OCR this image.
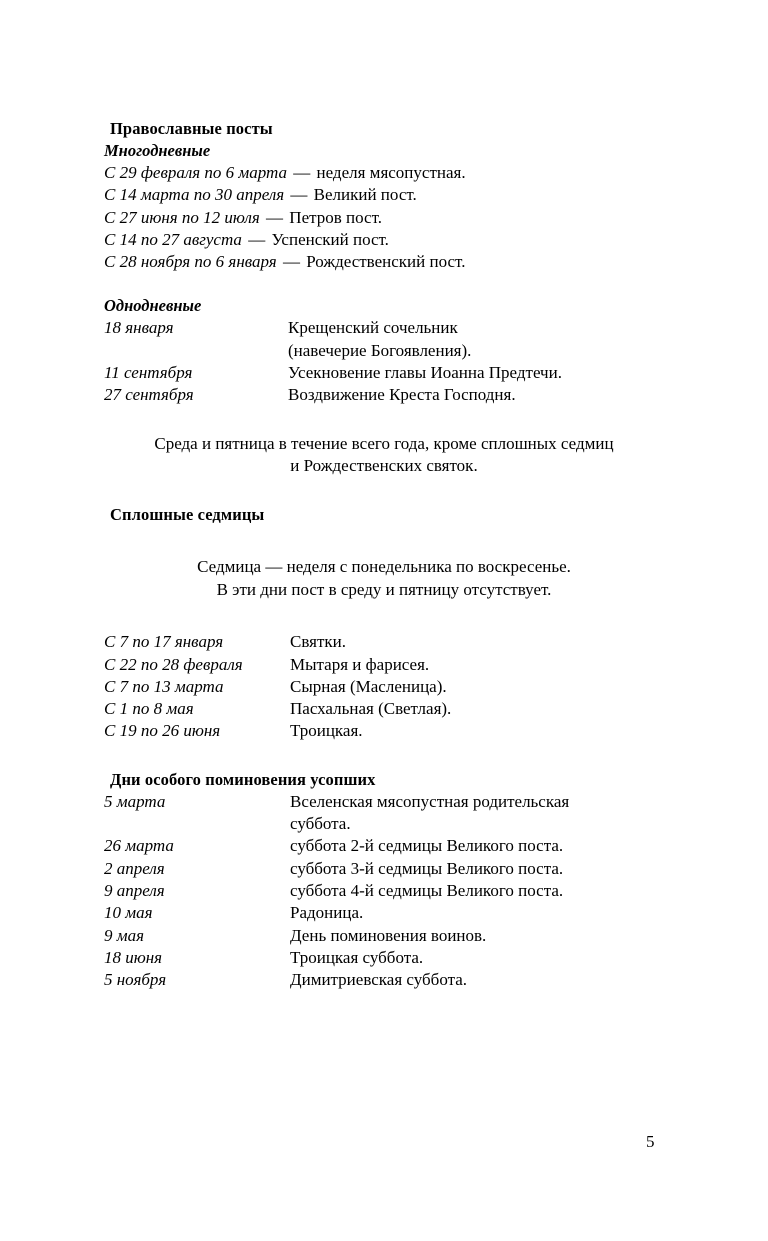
Православные посты
Многодневные
С 29 февраля по 6 марта — неделя мясопустная.
С 14 марта по 30 апреля — Великий пост.
С 27 июня по 12 июля — Петров пост.
С 14 по 27 августа — Успенский пост.
С 28 ноября по 6 января — Рождественский пост.
Однодневные
18 января	Крещенский сочельник
(навечерие Богоявления).
11 сентября	Усекновение главы Иоанна Предтечи.
27 сентября	Воздвижение Креста Господня.
Среда и пятница в течение всего года, кроме сплошных седмиц
и Рождественских святок.
Сплошные седмицы
Седмица — неделя с понедельника по воскресенье.
В эти дни пост в среду и пятницу отсутствует.
С 7 по 17 января	Святки.
С 22 по 28 февраля	Мытаря и фарисея.
С 7 по 13 марта	Сырная (Масленица).
С 1 по 8 мая	Пасхальная (Светлая).
С 19 по 26 июня	Троицкая.
Дни особого поминовения усопших
5 марта	Вселенская мясопустная родительская
суббота.
26 марта	суббота 2-й седмицы Великого поста.
2 апреля	суббота 3-й седмицы Великого поста.
9 апреля	суббота 4-й седмицы Великого поста.
10 мая	Радоница.
9 мая	День поминовения воинов.
18 июня	Троицкая суббота.
5 ноября	Димитриевская суббота.
5
